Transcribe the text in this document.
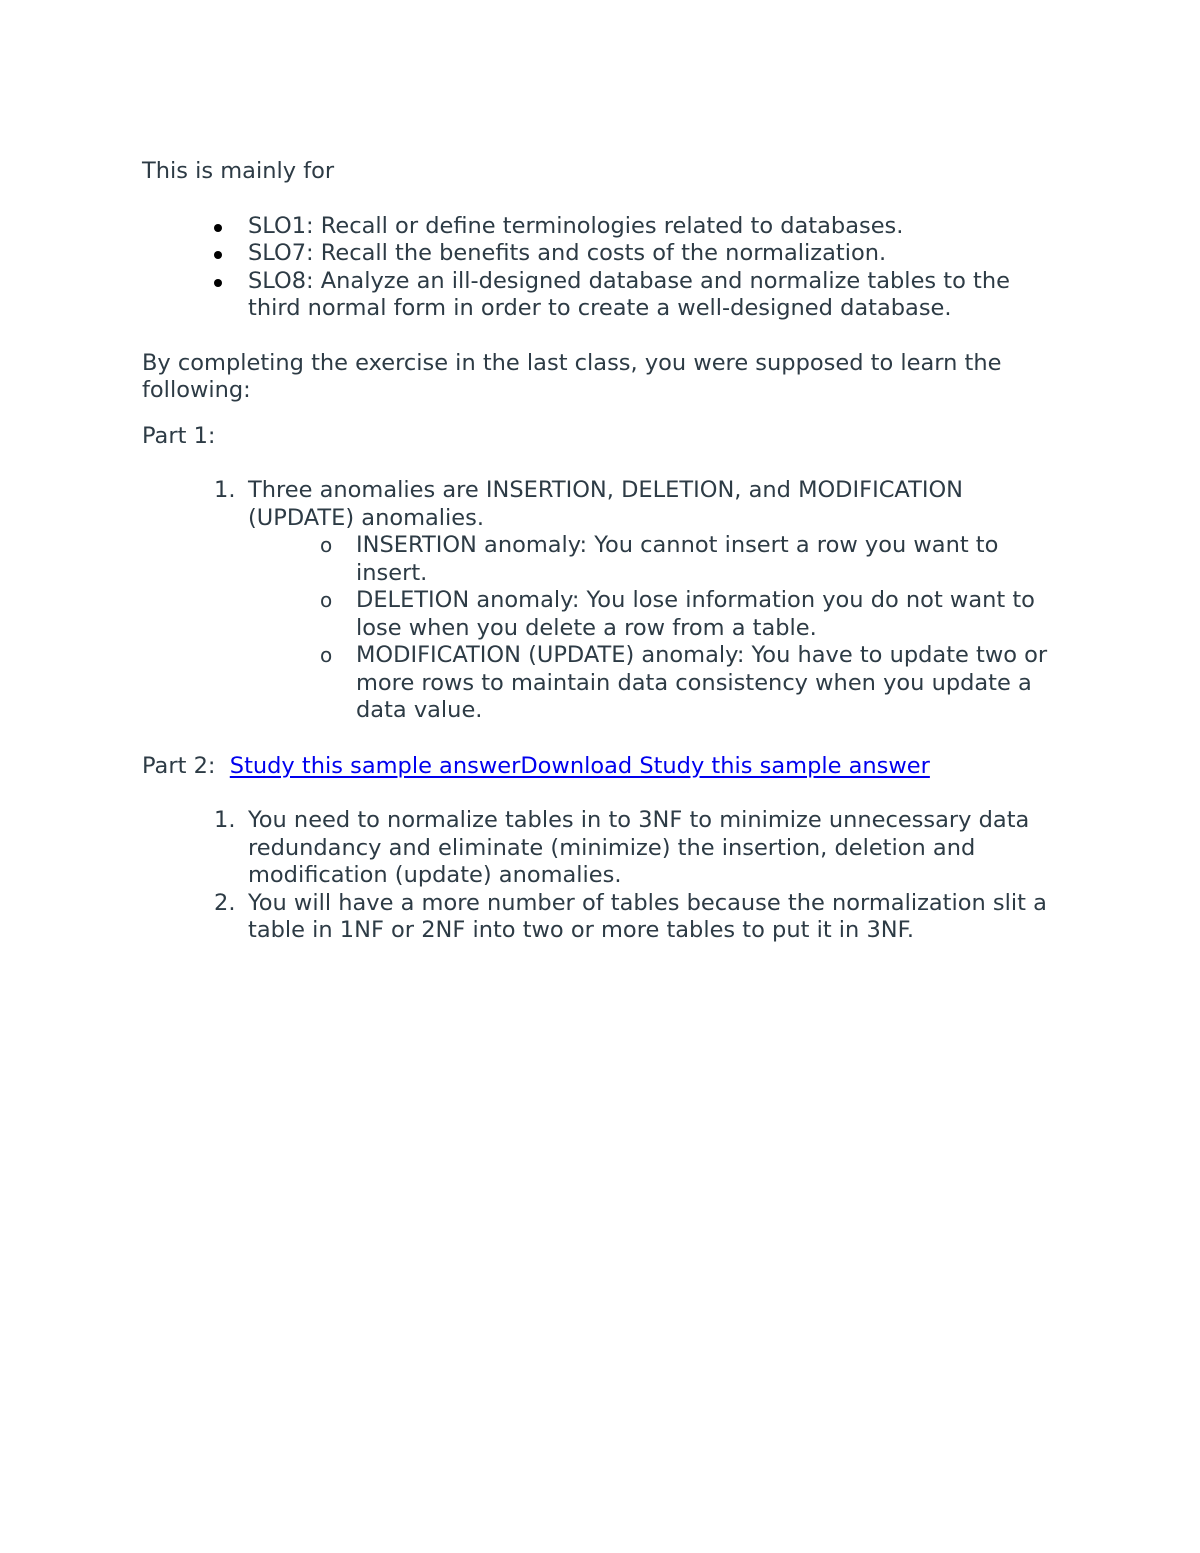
This is mainly for

SLO1: Recall or define terminologies related to databases.
SLO7: Recall the benefits and costs of the normalization.
SLO8: Analyze an ill-designed database and normalize tables to the third normal form in order to create a well-designed database.

By completing the exercise in the last class, you were supposed to learn the following:

Part 1:

1. Three anomalies are INSERTION, DELETION, and MODIFICATION (UPDATE) anomalies.
o INSERTION anomaly: You cannot insert a row you want to insert.
o DELETION anomaly: You lose information you do not want to lose when you delete a row from a table.
o MODIFICATION (UPDATE) anomaly: You have to update two or more rows to maintain data consistency when you update a data value.

Part 2: Study this sample answerDownload Study this sample answer

1. You need to normalize tables in to 3NF to minimize unnecessary data redundancy and eliminate (minimize) the insertion, deletion and modification (update) anomalies.
2. You will have a more number of tables because the normalization slit a table in 1NF or 2NF into two or more tables to put it in 3NF.
